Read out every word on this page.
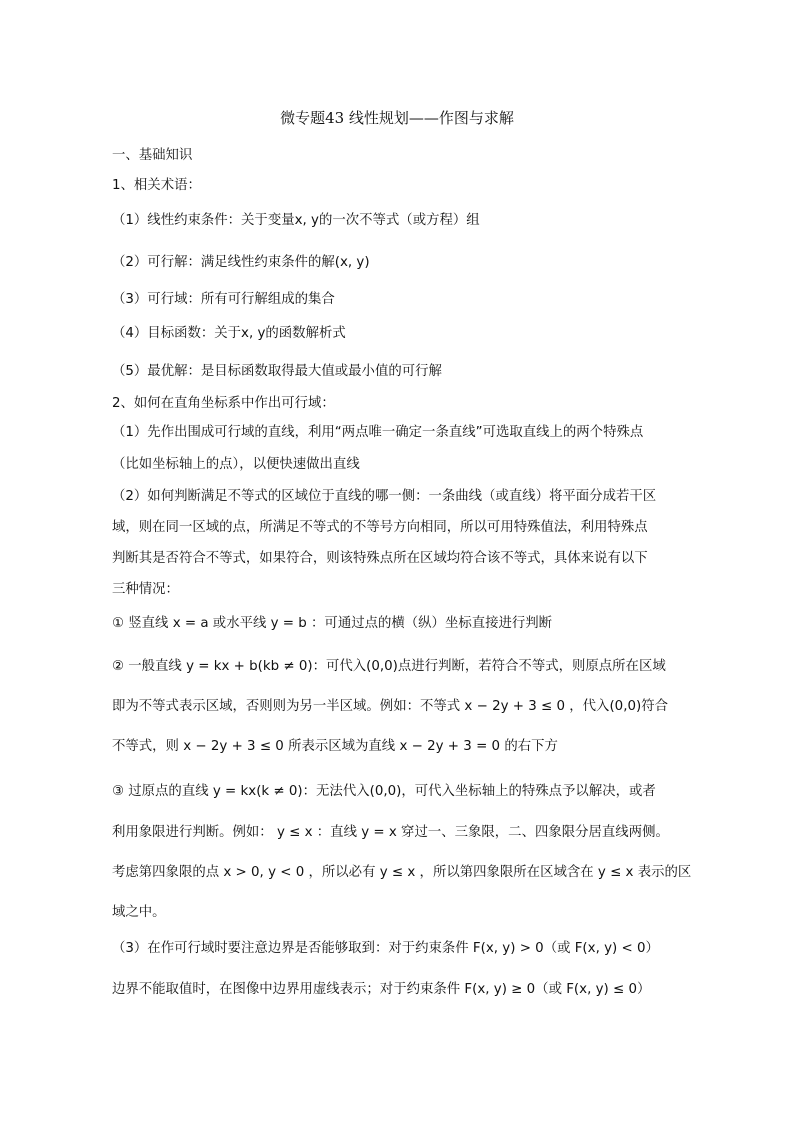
微专题43 线性规划——作图与求解
一、基础知识
1、相关术语：
（1）线性约束条件：关于变量x, y的一次不等式（或方程）组
（2）可行解：满足线性约束条件的解(x, y)
（3）可行域：所有可行解组成的集合
（4）目标函数：关于x, y的函数解析式
（5）最优解：是目标函数取得最大值或最小值的可行解
2、如何在直角坐标系中作出可行域：
（1）先作出围成可行域的直线，利用“两点唯一确定一条直线”可选取直线上的两个特殊点
（比如坐标轴上的点），以便快速做出直线
（2）如何判断满足不等式的区域位于直线的哪一侧：一条曲线（或直线）将平面分成若干区
域，则在同一区域的点，所满足不等式的不等号方向相同，所以可用特殊值法，利用特殊点
判断其是否符合不等式，如果符合，则该特殊点所在区域均符合该不等式，具体来说有以下
三种情况：
① 竖直线 x = a 或水平线 y = b ：可通过点的横（纵）坐标直接进行判断
② 一般直线 y = kx + b(kb ≠ 0)：可代入(0,0)点进行判断，若符合不等式，则原点所在区域
即为不等式表示区域，否则则为另一半区域。例如：不等式 x − 2y + 3 ≤ 0 ，代入(0,0)符合
不等式，则 x − 2y + 3 ≤ 0 所表示区域为直线 x − 2y + 3 = 0 的右下方
③ 过原点的直线 y = kx(k ≠ 0)：无法代入(0,0)，可代入坐标轴上的特殊点予以解决，或者
利用象限进行判断。例如： y ≤ x ：直线 y = x 穿过一、三象限，二、四象限分居直线两侧。
考虑第四象限的点 x > 0, y < 0 ，所以必有 y ≤ x ，所以第四象限所在区域含在 y ≤ x 表示的区
域之中。
（3）在作可行域时要注意边界是否能够取到：对于约束条件 F(x, y) > 0（或 F(x, y) < 0）
边界不能取值时，在图像中边界用虚线表示；对于约束条件 F(x, y) ≥ 0（或 F(x, y) ≤ 0）
